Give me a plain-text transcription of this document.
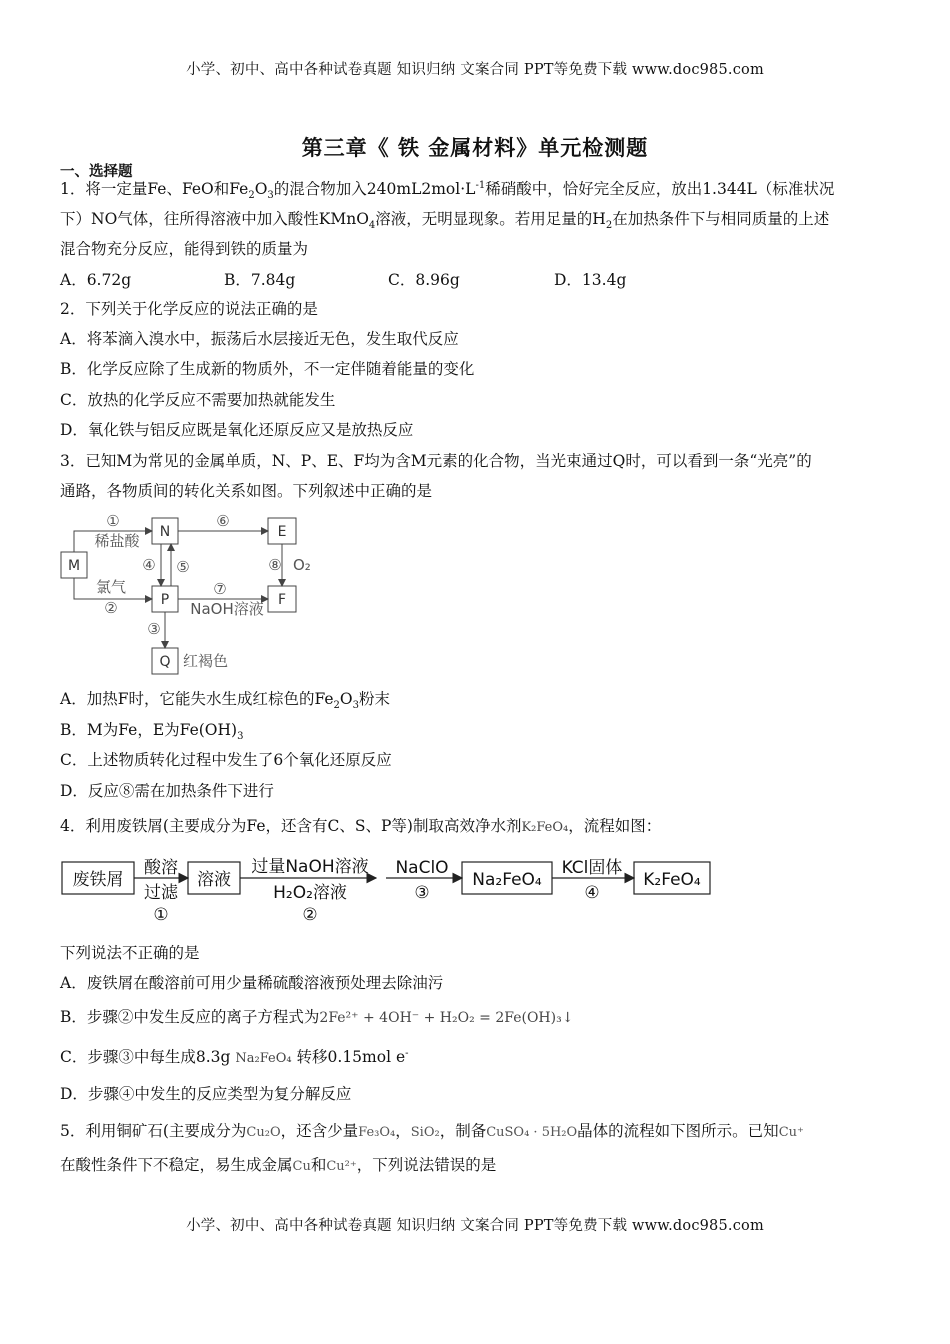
小学、初中、高中各种试卷真题 知识归纳 文案合同 PPT等免费下载 www.doc985.com
第三章《 铁 金属材料》单元检测题
一、选择题
1．将一定量Fe、FeO和$Fe_2O_3$的混合物加入$240mL2mol\cdot L^{-1}$稀硝酸中，恰好完全反应，放出1.344L（标准状况
下）NO气体，往所得溶液中加入酸性KMnO$_4$溶液，无明显现象。若用足量的$H_2$在加热条件下与相同质量的上述
混合物充分反应，能得到铁的质量为
A．6.72g	B．7.84g	C．8.96g	D．13.4g
2．下列关于化学反应的说法正确的是
A．将苯滴入溴水中，振荡后水层接近无色，发生取代反应
B．化学反应除了生成新的物质外，不一定伴随着能量的变化
C．放热的化学反应不需要加热就能发生
D．氧化铁与铝反应既是氧化还原反应又是放热反应
3．已知M为常见的金属单质，N、P、E、F均为含M元素的化合物，当光束通过Q时，可以看到一条“光亮”的
通路，各物质间的转化关系如图。下列叙述中正确的是
M
N	E
P	F
Q
①
稀盐酸
氯气
②
⑥
④ ⑤	⑧ O₂
⑦
NaOH溶液
③
红褐色
A．加热F时，它能失水生成红棕色的$Fe_2O_3$粉末
B．M为Fe，E为$Fe(OH)_3$
C．上述物质转化过程中发生了6个氧化还原反应
D．反应⑧需在加热条件下进行
4．利用废铁屑(主要成分为Fe，还含有C、S、P等)制取高效净水剂K₂FeO₄，流程如图：
废铁屑	溶液	Na₂FeO₄	K₂FeO₄
酸溶
过滤
①
过量NaOH溶液
H₂O₂溶液
②
NaClO
③
KCl固体
④
下列说法不正确的是
A．废铁屑在酸溶前可用少量稀硫酸溶液预处理去除油污
B．步骤②中发生反应的离子方程式为2Fe²⁺ + 4OH⁻ + H₂O₂ = 2Fe(OH)₃↓
C．步骤③中每生成8.3g Na₂FeO₄ 转移0.15mol e-
D．步骤④中发生的反应类型为复分解反应
5．利用铜矿石(主要成分为Cu₂O，还含少量Fe₃O₄，SiO₂，制备CuSO₄ · 5H₂O晶体的流程如下图所示。已知Cu⁺
在酸性条件下不稳定，易生成金属Cu和Cu²⁺，下列说法错误的是
小学、初中、高中各种试卷真题 知识归纳 文案合同 PPT等免费下载 www.doc985.com
